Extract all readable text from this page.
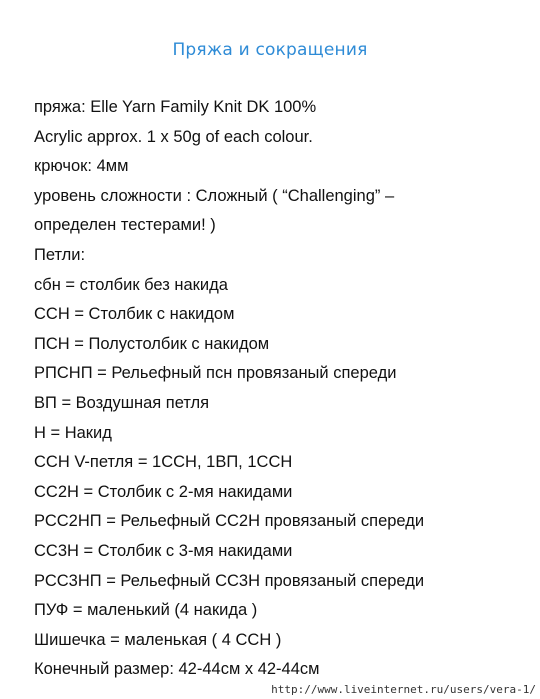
Пряжа и сокращения
пряжа: Elle Yarn Family Knit DK 100%
Acrylic approx. 1 x 50g of each colour.
крючок: 4мм
уровень сложности : Сложный ( “Challenging” –
определен тестерами! )
Петли:
сбн = столбик без накида
ССН = Столбик с накидом
ПСН = Полустолбик с накидом
РПСНП = Рельефный псн провязаный спереди
ВП = Воздушная петля
Н = Накид
ССН V-петля = 1ССН, 1ВП, 1ССН
СС2Н = Столбик с 2-мя накидами
РСС2НП = Рельефный СС2Н провязаный спереди
СС3Н = Столбик с 3-мя накидами
РСС3НП = Рельефный СС3Н провязаный спереди
ПУФ = маленький (4 накида )
Шишечка = маленькая ( 4 ССН )
Конечный размер: 42-44см х 42-44см
http://www.liveinternet.ru/users/vera-1/
